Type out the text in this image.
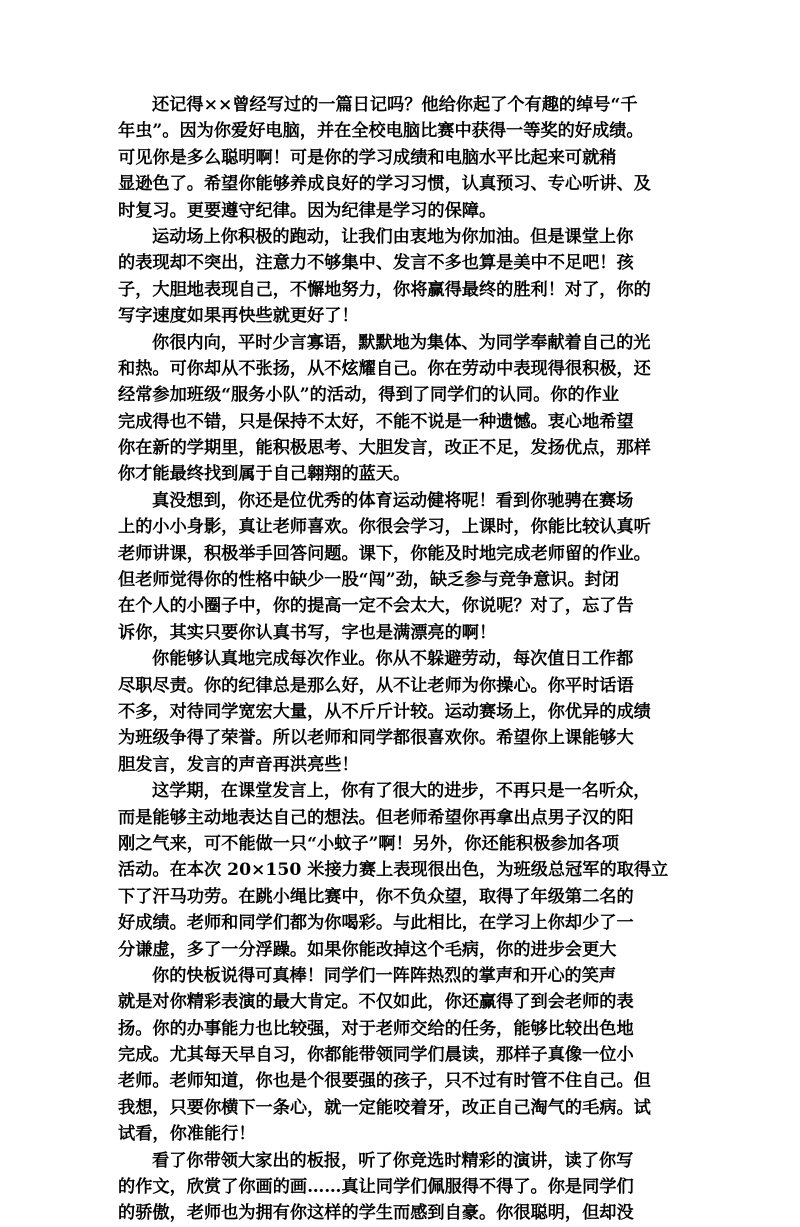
还记得××曾经写过的一篇日记吗？他给你起了个有趣的绰号“千
年虫”。因为你爱好电脑，并在全校电脑比赛中获得一等奖的好成绩。
可见你是多么聪明啊！可是你的学习成绩和电脑水平比起来可就稍
显逊色了。希望你能够养成良好的学习习惯，认真预习、专心听讲、及
时复习。更要遵守纪律。因为纪律是学习的保障。
运动场上你积极的跑动，让我们由衷地为你加油。但是课堂上你
的表现却不突出，注意力不够集中、发言不多也算是美中不足吧！孩
子，大胆地表现自己，不懈地努力，你将赢得最终的胜利！对了，你的
写字速度如果再快些就更好了！
你很内向，平时少言寡语，默默地为集体、为同学奉献着自己的光
和热。可你却从不张扬，从不炫耀自己。你在劳动中表现得很积极，还
经常参加班级“服务小队”的活动，得到了同学们的认同。你的作业
完成得也不错，只是保持不太好，不能不说是一种遗憾。衷心地希望
你在新的学期里，能积极思考、大胆发言，改正不足，发扬优点，那样
你才能最终找到属于自己翱翔的蓝天。
真没想到，你还是位优秀的体育运动健将呢！看到你驰骋在赛场
上的小小身影，真让老师喜欢。你很会学习，上课时，你能比较认真听
老师讲课，积极举手回答问题。课下，你能及时地完成老师留的作业。
但老师觉得你的性格中缺少一股“闯”劲，缺乏参与竞争意识。封闭
在个人的小圈子中，你的提高一定不会太大，你说呢？对了，忘了告
诉你，其实只要你认真书写，字也是满漂亮的啊！
你能够认真地完成每次作业。你从不躲避劳动，每次值日工作都
尽职尽责。你的纪律总是那么好，从不让老师为你操心。你平时话语
不多，对待同学宽宏大量，从不斤斤计较。运动赛场上，你优异的成绩
为班级争得了荣誉。所以老师和同学都很喜欢你。希望你上课能够大
胆发言，发言的声音再洪亮些！
这学期，在课堂发言上，你有了很大的进步，不再只是一名听众，
而是能够主动地表达自己的想法。但老师希望你再拿出点男子汉的阳
刚之气来，可不能做一只“小蚊子”啊！另外，你还能积极参加各项
活动。在本次 20×150 米接力赛上表现很出色，为班级总冠军的取得立
下了汗马功劳。在跳小绳比赛中，你不负众望，取得了年级第二名的
好成绩。老师和同学们都为你喝彩。与此相比，在学习上你却少了一
分谦虚，多了一分浮躁。如果你能改掉这个毛病，你的进步会更大
你的快板说得可真棒！同学们一阵阵热烈的掌声和开心的笑声
就是对你精彩表演的最大肯定。不仅如此，你还赢得了到会老师的表
扬。你的办事能力也比较强，对于老师交给的任务，能够比较出色地
完成。尤其每天早自习，你都能带领同学们晨读，那样子真像一位小
老师。老师知道，你也是个很要强的孩子，只不过有时管不住自己。但
我想，只要你横下一条心，就一定能咬着牙，改正自己淘气的毛病。试
试看，你准能行！
看了你带领大家出的板报，听了你竞选时精彩的演讲，读了你写
的作文，欣赏了你画的画……真让同学们佩服得不得了。你是同学们
的骄傲，老师也为拥有你这样的学生而感到自豪。你很聪明，但却没
